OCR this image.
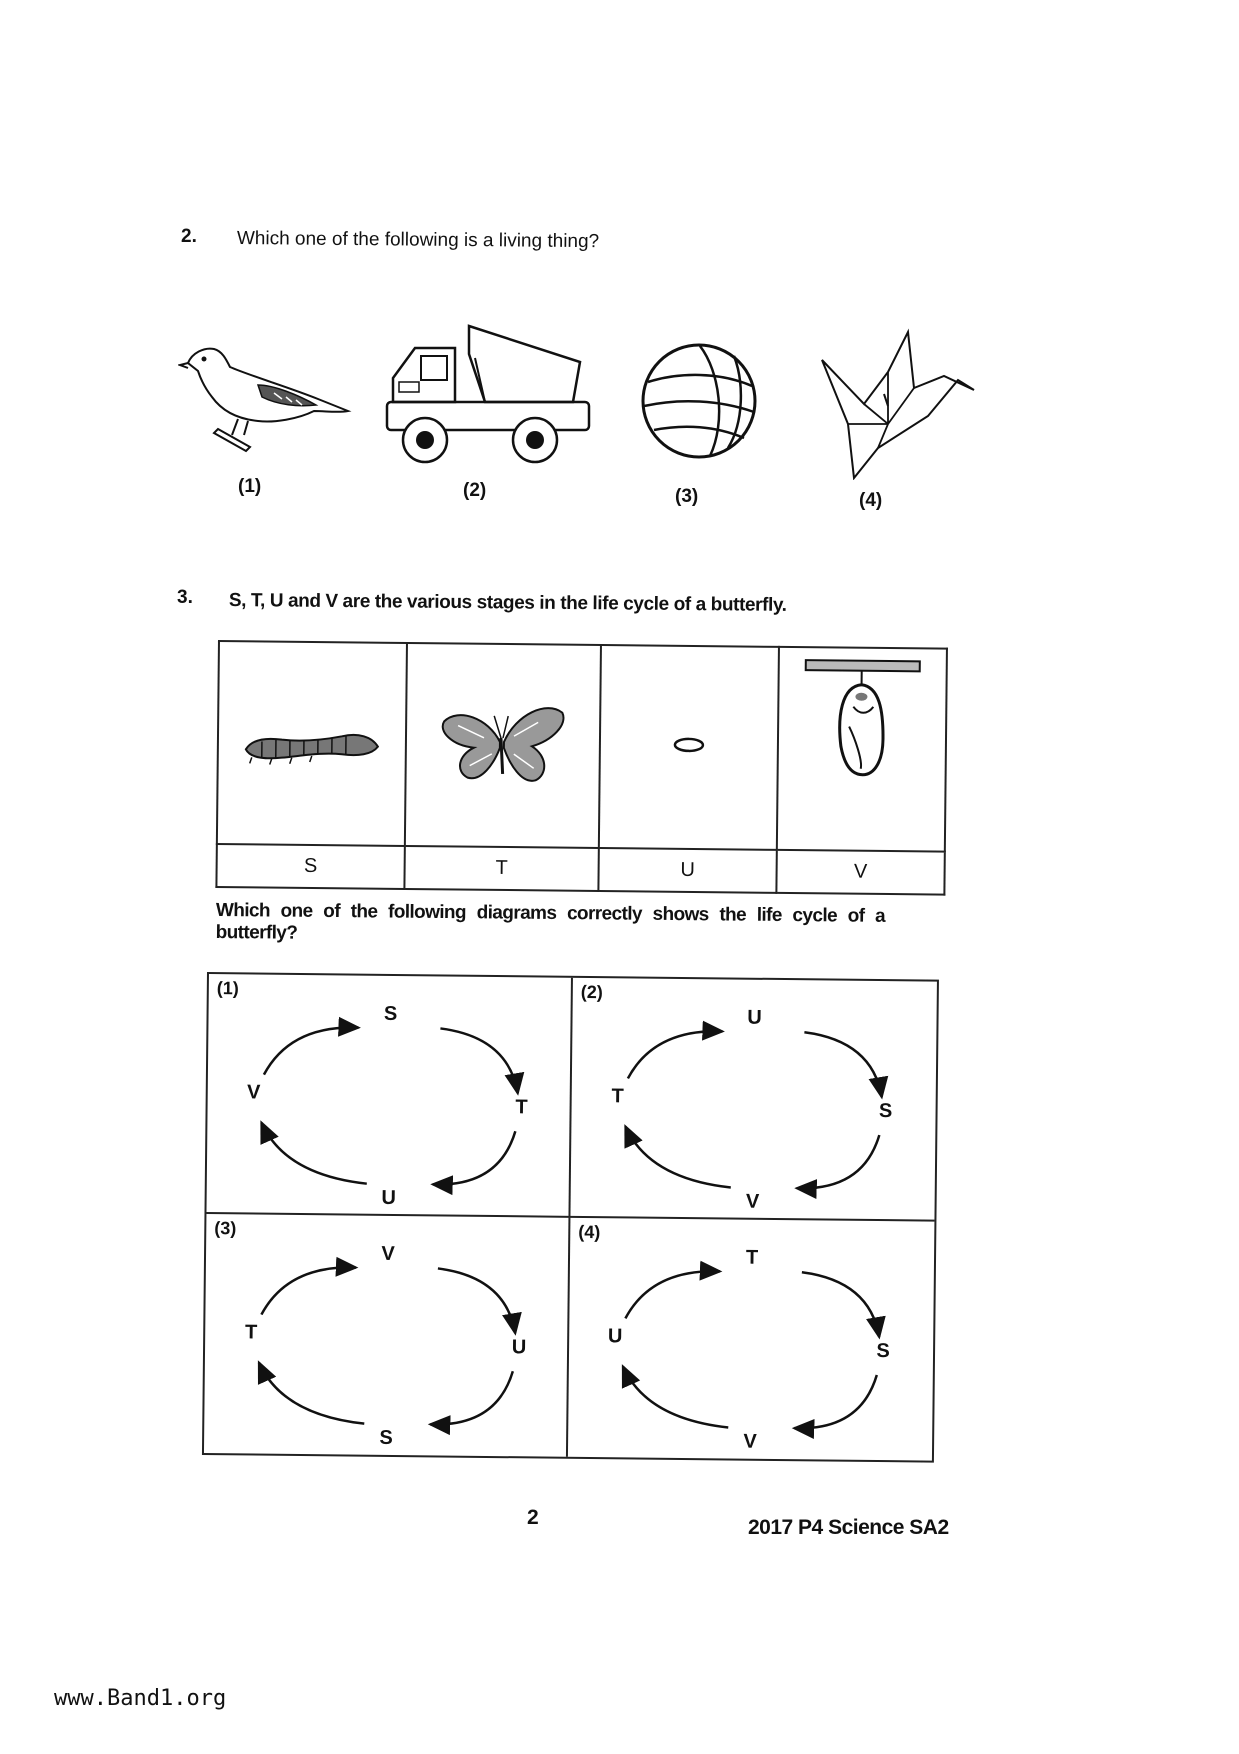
2. Which one of the following is a living thing?
(1)	(2)	(3)	(4)
3. S, T, U and V are the various stages in the life cycle of a butterfly.

S	T	U	V
Which one of the following diagrams correctly shows the life cycle of a butterfly?
(1)
S
T
U
V
(2)
U
S
V
T
(3)
V
U
S
T
(4)
T
S
V
U
2	2017 P4 Science SA2
www.Band1.org
